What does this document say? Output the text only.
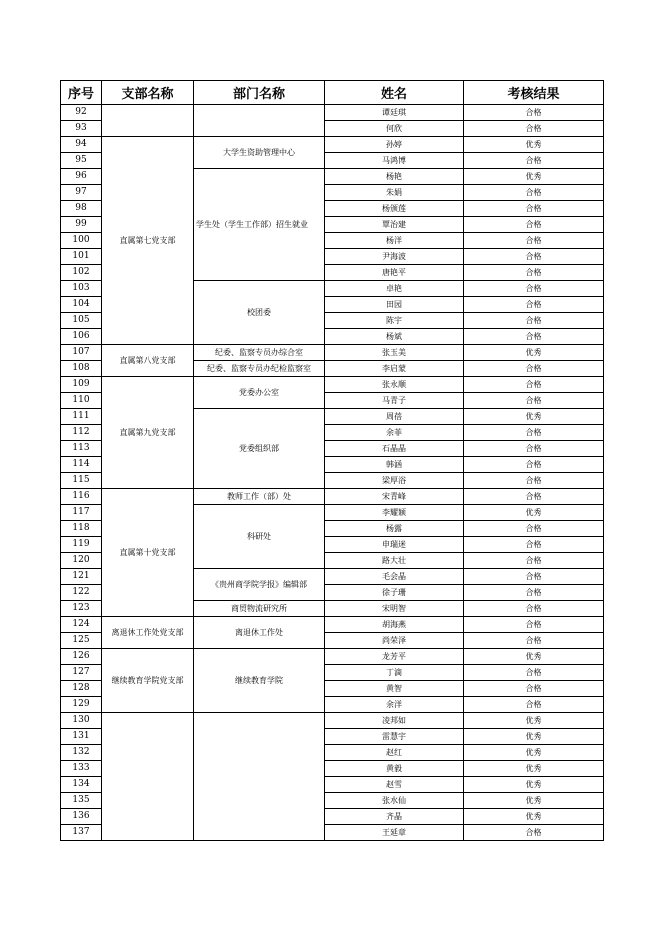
序号	支部名称	部门名称	姓名	考核结果
92			谭廷琪	合格
93			何欣	合格
94	直属第七党支部	大学生资助管理中心	孙婷	优秀
95			马鸿博	合格
96		学生处（学生工作部）招生就业	杨艳	优秀
97			朱娟	合格
98			杨颁莲	合格
99			覃治建	合格
100			杨洋	合格
101			尹海波	合格
102			唐艳平	合格
103		校团委	卓艳	合格
104			田园	合格
105			陈宇	合格
106			杨斌	合格
107	直属第八党支部	纪委、监察专员办综合室	张玉美	优秀
108		纪委、监察专员办纪检监察室	李启蒙	合格
109	直属第九党支部	党委办公室	张永顺	合格
110			马青子	合格
111		党委组织部	周蓓	优秀
112			余菲	合格
113			石晶晶	合格
114			韩涵	合格
115			梁厚浴	合格
116	直属第十党支部	教师工作（部）处	宋青峰	合格
117		科研处	李耀颖	优秀
118			杨露	合格
119			申瑞迷	合格
120			路大壮	合格
121		《贵州商学院学报》编辑部	毛会晶	合格
122			徐子珊	合格
123		商贸物流研究所	宋明智	合格
124	离退休工作处党支部	离退休工作处	胡海燕	合格
125			尚荣泽	合格
126	继续教育学院党支部	继续教育学院	龙芳平	优秀
127			丁滴	合格
128			黄智	合格
129			余洋	合格
130			凌邦如	优秀
131			雷慧宇	优秀
132			赵红	优秀
133			黄毅	优秀
134			赵雪	优秀
135			张水仙	优秀
136			齐晶	优秀
137			王延章	合格
